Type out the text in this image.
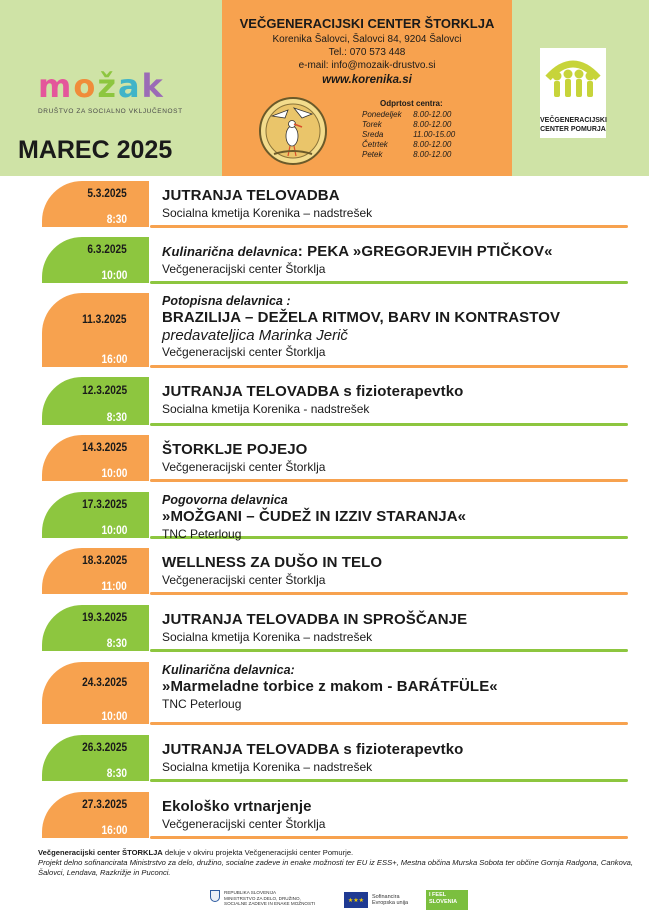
možak
DRUŠTVO ZA SOCIALNO VKLJUČENOST
MAREC 2025
VEČGENERACIJSKI CENTER ŠTORKLJA
Korenika Šalovci, Šalovci 84, 9204 Šalovci
Tel.: 070 573 448
e-mail: info@mozaik-drustvo.si
www.korenika.si
Odprtost centra:
Ponedeljek	8.00-12.00
Torek	8.00-12.00
Sreda	11.00-15.00
Četrtek	8.00-12.00
Petek	8.00-12.00
VEČGENERACIJSKI
CENTER POMURJA
5.3.2025
8:30
JUTRANJA TELOVADBA
Socialna kmetija Korenika – nadstrešek
6.3.2025
10:00
Kulinarična delavnica: PEKA »GREGORJEVIH PTIČKOV«
Večgeneracijski center Štorklja
11.3.2025
16:00
Potopisna delavnica :
BRAZILIJA – DEŽELA RITMOV, BARV IN KONTRASTOV
predavateljica Marinka Jerič
Večgeneracijski center Štorklja
12.3.2025
8:30
JUTRANJA TELOVADBA s fizioterapevtko
Socialna kmetija Korenika - nadstrešek
14.3.2025
10:00
ŠTORKLJE POJEJO
Večgeneracijski center Štorklja
17.3.2025
10:00
Pogovorna delavnica
»MOŽGANI – ČUDEŽ IN IZZIV STARANJA«
TNC Peterloug
18.3.2025
11:00
WELLNESS ZA DUŠO IN TELO
Večgeneracijski center Štorklja
19.3.2025
8:30
JUTRANJA TELOVADBA IN SPROŠČANJE
Socialna kmetija Korenika – nadstrešek
24.3.2025
10:00
Kulinarična delavnica:
»Marmeladne torbice z makom - BARÁTFÜLE«
TNC Peterloug
26.3.2025
8:30
JUTRANJA TELOVADBA s fizioterapevtko
Socialna kmetija Korenika – nadstrešek
27.3.2025
16:00
Ekološko vrtnarjenje
Večgeneracijski center Štorklja
Večgeneracijski center ŠTORKLJA deluje v okviru projekta Večgeneracijski center Pomurje.
Projekt delno sofinancirata Ministrstvo za delo, družino, socialne zadeve in enake možnosti ter EU iz ESS+, Mestna občina Murska Sobota ter občine Gornja Radgona, Cankova, Šalovci, Lendava, Razkrižje in Puconci.
REPUBLIKA SLOVENIJA
MINISTRSTVO ZA DELO, DRUŽINO,
SOCIALNE ZADEVE IN ENAKE MOŽNOSTI
★★★
Sofinancira
Evropska unija
I FEEL
SLOVENIA
